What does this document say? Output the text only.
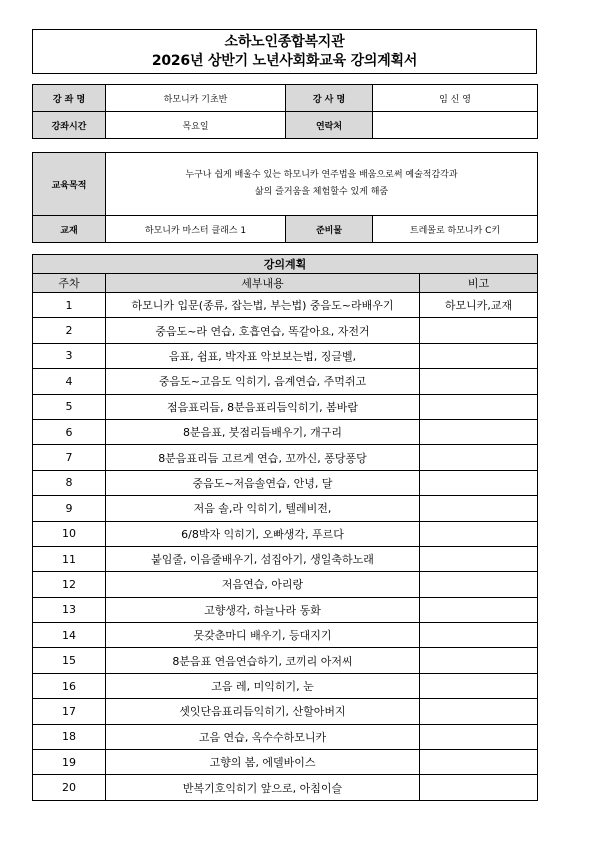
소하노인종합복지관
2026년 상반기 노년사회화교육 강의계획서
강 좌 명	하모니카 기초반	강 사 명	임 신 영
강좌시간	목요일	연락처	
교육목적	누구나 쉽게 배울수 있는 하모니카 연주법을 배움으로써 예술적감각과
삶의 즐거움을 체험할수 있게 해줌		

교재	하모니카 마스터 클래스 1	준비물	트레몰로 하모니카 C키
강의계획		
주차	세부내용	비고
1	하모니카 입문(종류, 잡는법, 부는법) 중음도~라배우기	하모니카,교재
2	중음도~라 연습, 호흡연습, 똑같아요, 자전거	
3	음표, 쉼표, 박자표 악보보는법, 징글벨,	
4	중음도~고음도 익히기, 음계연습, 주먹쥐고	
5	점음표리듬, 8분음표리듬익히기, 봄바람	
6	8분음표, 붓점리듬배우기, 개구리	
7	8분음표리듬 고르게 연습, 꼬까신, 퐁당퐁당	
8	중음도~저음솔연습, 안녕, 달	
9	저음 솔,라 익히기, 텔레비전,	
10	6/8박자 익히기, 오빠생각, 푸르다	
11	붙임줄, 이음줄배우기, 섬집아기, 생일축하노래	
12	저음연습, 아리랑	
13	고향생각, 하늘나라 동화	
14	못갖춘마디 배우기, 등대지기	
15	8분음표 연음연습하기, 코끼리 아저씨	
16	고음 레, 미익히기, 눈	
17	셋잇단음표리듬익히기, 산할아버지	
18	고음 연습, 옥수수하모니카	
19	고향의 봄, 에델바이스	
20	반복기호익히기 앞으로, 아침이슬	
